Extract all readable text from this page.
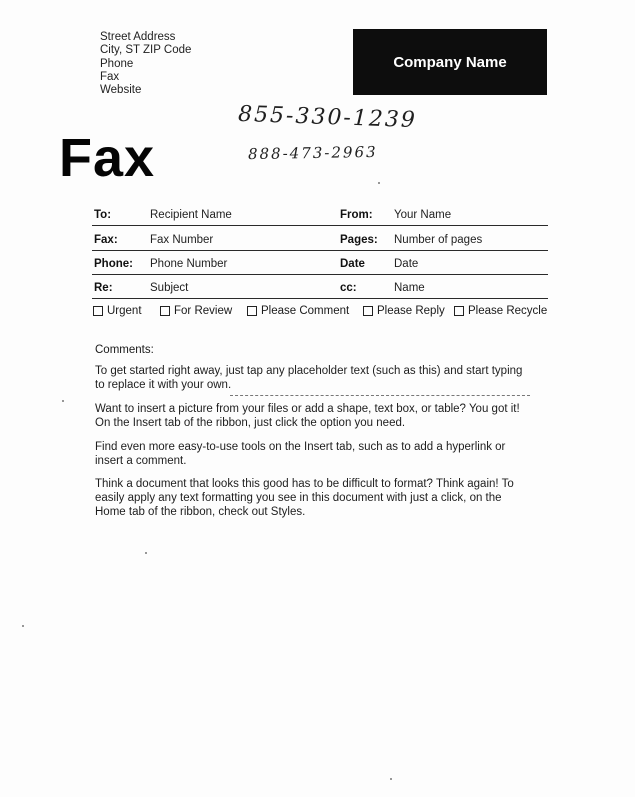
Street Address
City, ST ZIP Code
Phone
Fax
Website
Company Name
Fax
855-330-1239
888-473-2963
To:	Recipient Name	From: Your Name
Fax:	Fax Number	Pages: Number of pages
Phone: Phone Number	Date	Date
Re:	Subject	cc:	Name
Urgent	For Review	Please Comment Please Reply Please Recycle
Comments:
To get started right away, just tap any placeholder text (such as this) and start typing to replace it with your own.
Want to insert a picture from your files or add a shape, text box, or table? You got it! On the Insert tab of the ribbon, just click the option you need.
Find even more easy-to-use tools on the Insert tab, such as to add a hyperlink or insert a comment.
Think a document that looks this good has to be difficult to format? Think again! To easily apply any text formatting you see in this document with just a click, on the Home tab of the ribbon, check out Styles.
